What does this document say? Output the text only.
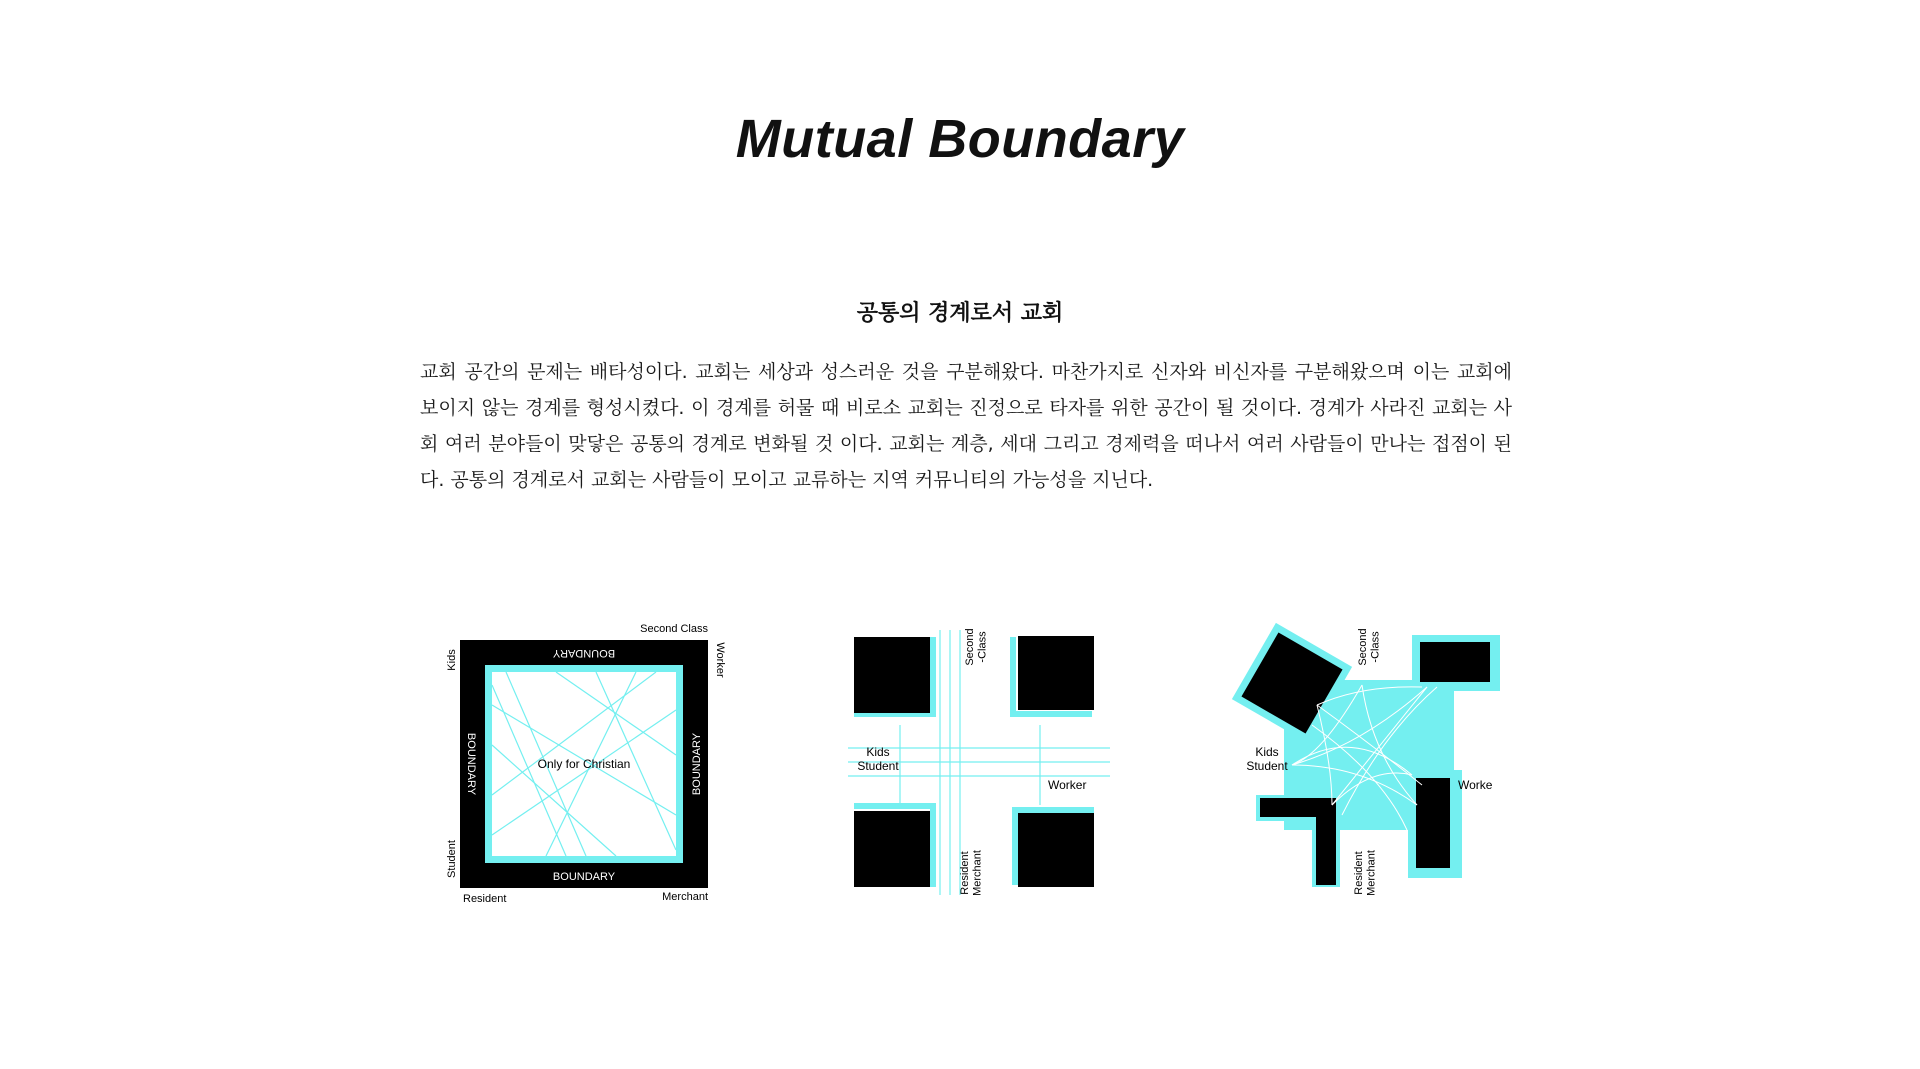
Mutual Boundary
공통의 경계로서 교회

교회 공간의 문제는 배타성이다. 교회는 세상과 성스러운 것을 구분해왔다. 마찬가지로 신자와 비신자를 구분해왔으며 이는 교회에 보이지 않는 경계를 형성시켰다. 이 경계를 허물 때 비로소 교회는 진정으로 타자를 위한 공간이 될 것이다. 경계가 사라진 교회는 사회 여러 분야들이 맞닿은 공통의 경계로 변화될 것 이다. 교회는 계층, 세대 그리고 경제력을 떠나서 여러 사람들이 만나는 접점이 된다. 공통의 경계로서 교회는 사람들이 모이고 교류하는 지역 커뮤니티의 가능성을 지닌다.

BOUNDARY
BOUNDARY
BOUNDARY	BOUNDARY
Only for Christian
Kids
Second Class
Worker
Student
Resident	Merchant
Second-Class
Kids Student
Worker
ResidentMerchant
Second-Class
Kids Student
Worke
ResidentMerchant
